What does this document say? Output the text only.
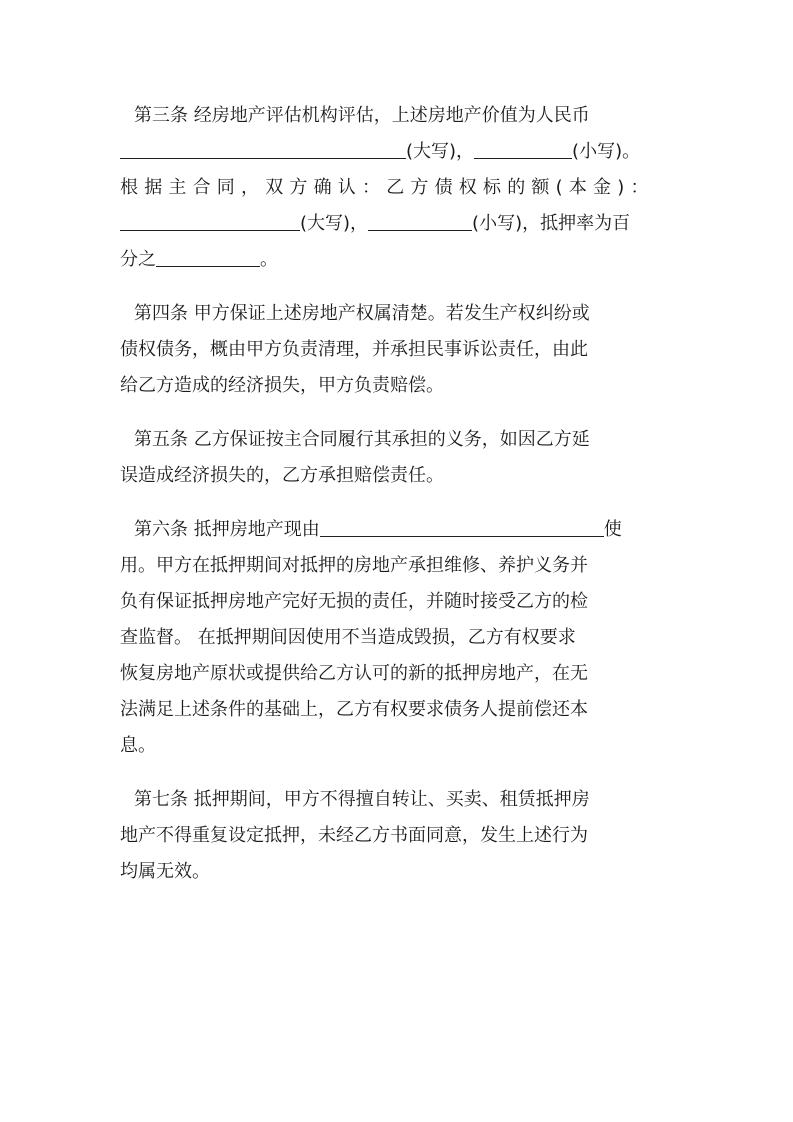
第三条 经房地产评估机构评估，上述房地产价值为人民币
(大写)，	(小写)。
根据主合同，双方确认：乙方债权标的额(本金)：
(大写)，	(小写)，抵押率为百
分之	。
第四条 甲方保证上述房地产权属清楚。若发生产权纠纷或
债权债务，概由甲方负责清理，并承担民事诉讼责任，由此
给乙方造成的经济损失，甲方负责赔偿。
第五条 乙方保证按主合同履行其承担的义务，如因乙方延
误造成经济损失的，乙方承担赔偿责任。
第六条 抵押房地产现由	使
用。甲方在抵押期间对抵押的房地产承担维修、养护义务并
负有保证抵押房地产完好无损的责任，并随时接受乙方的检
查监督。 在抵押期间因使用不当造成毁损，乙方有权要求
恢复房地产原状或提供给乙方认可的新的抵押房地产，在无
法满足上述条件的基础上，乙方有权要求债务人提前偿还本
息。
第七条 抵押期间，甲方不得擅自转让、买卖、租赁抵押房
地产不得重复设定抵押，未经乙方书面同意，发生上述行为
均属无效。
